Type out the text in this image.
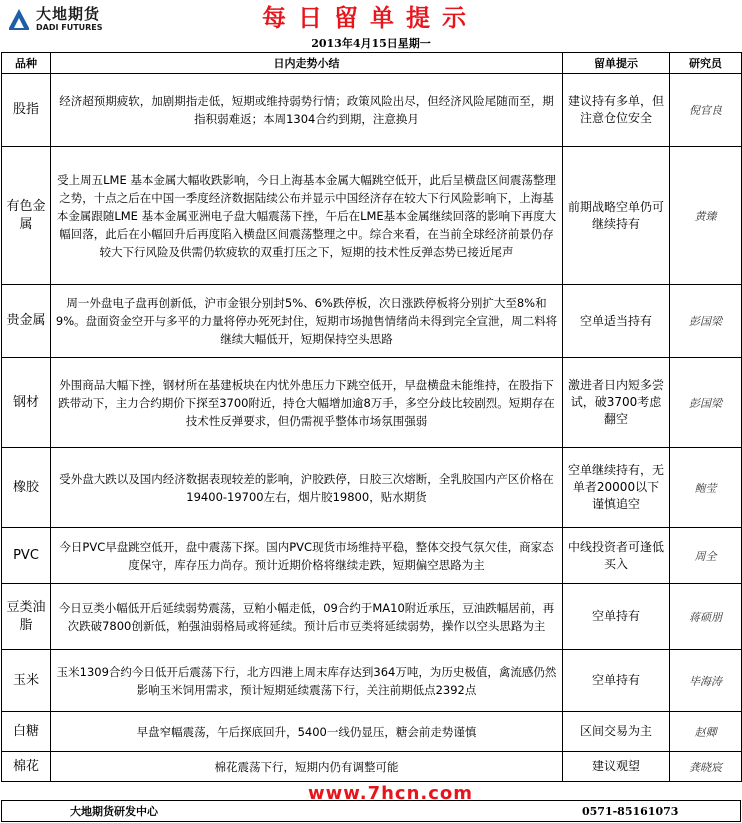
大地期货
DADI FUTURES	每日留单提示
2013年4月15日星期一
品种	日内走势小结	留单提示	研究员
股指	经济超预期疲软，加剧期指走低，短期或维持弱势行情；政策风险出尽，但经济风险尾随而至，期指积弱难返；本周1304合约到期，注意换月	建议持有多单，但注意仓位安全	倪官良
有色金属	受上周五LME 基本金属大幅收跌影响，今日上海基本金属大幅跳空低开，此后呈横盘区间震荡整理之势，十点之后在中国一季度经济数据陆续公布并显示中国经济存在较大下行风险影响下，上海基本金属跟随LME 基本金属亚洲电子盘大幅震荡下挫，午后在LME基本金属继续回落的影响下再度大幅回落，此后在小幅回升后再度陷入横盘区间震荡整理之中。综合来看，在当前全球经济前景仍存较大下行风险及供需仍软疲软的双重打压之下，短期的技术性反弹态势已接近尾声	前期战略空单仍可继续持有	黄臻
贵金属	周一外盘电子盘再创新低，沪市金银分别封5%、6%跌停板，次日涨跌停板将分别扩大至8%和9%。盘面资金空开与多平的力量将停办死死封住，短期市场抛售情绪尚未得到完全宣泄，周二料将继续大幅低开，短期保持空头思路	空单适当持有	彭国梁
钢材	外围商品大幅下挫，钢材所在基建板块在内忧外患压力下跳空低开，早盘横盘未能维持，在股指下跌带动下，主力合约期价下探至3700附近，持仓大幅增加逾8万手，多空分歧比较剧烈。短期存在技术性反弹要求，但仍需视乎整体市场氛围强弱	激进者日内短多尝试，破3700考虑翻空	彭国梁
橡胶	受外盘大跌以及国内经济数据表现较差的影响，沪胶跌停，日胶三次熔断，全乳胶国内产区价格在19400-19700左右，烟片胶19800，贴水期货	空单继续持有，无单者20000以下谨慎追空	鲍莹
PVC	今日PVC早盘跳空低开，盘中震荡下探。国内PVC现货市场维持平稳，整体交投气氛欠佳，商家态度保守，库存压力尚存。预计近期价格将继续走跌，短期偏空思路为主	中线投资者可逢低买入	周全
豆类油脂	今日豆类小幅低开后延续弱势震荡，豆粕小幅走低，09合约于MA10附近承压，豆油跌幅居前，再次跌破7800创新低，粕强油弱格局或将延续。预计后市豆类将延续弱势，操作以空头思路为主	空单持有	蒋硕朋
玉米	玉米1309合约今日低开后震荡下行，北方四港上周末库存达到364万吨，为历史极值，禽流感仍然影响玉米饲用需求，预计短期延续震荡下行，关注前期低点2392点	空单持有	毕海涛
白糖	早盘窄幅震荡，午后探底回升，5400一线仍显压，糖会前走势谨慎	区间交易为主	赵卿
棉花	棉花震荡下行，短期内仍有调整可能	建议观望	龚晓宸
大地期货研发中心
www.7hcn.com
0571-85161073
